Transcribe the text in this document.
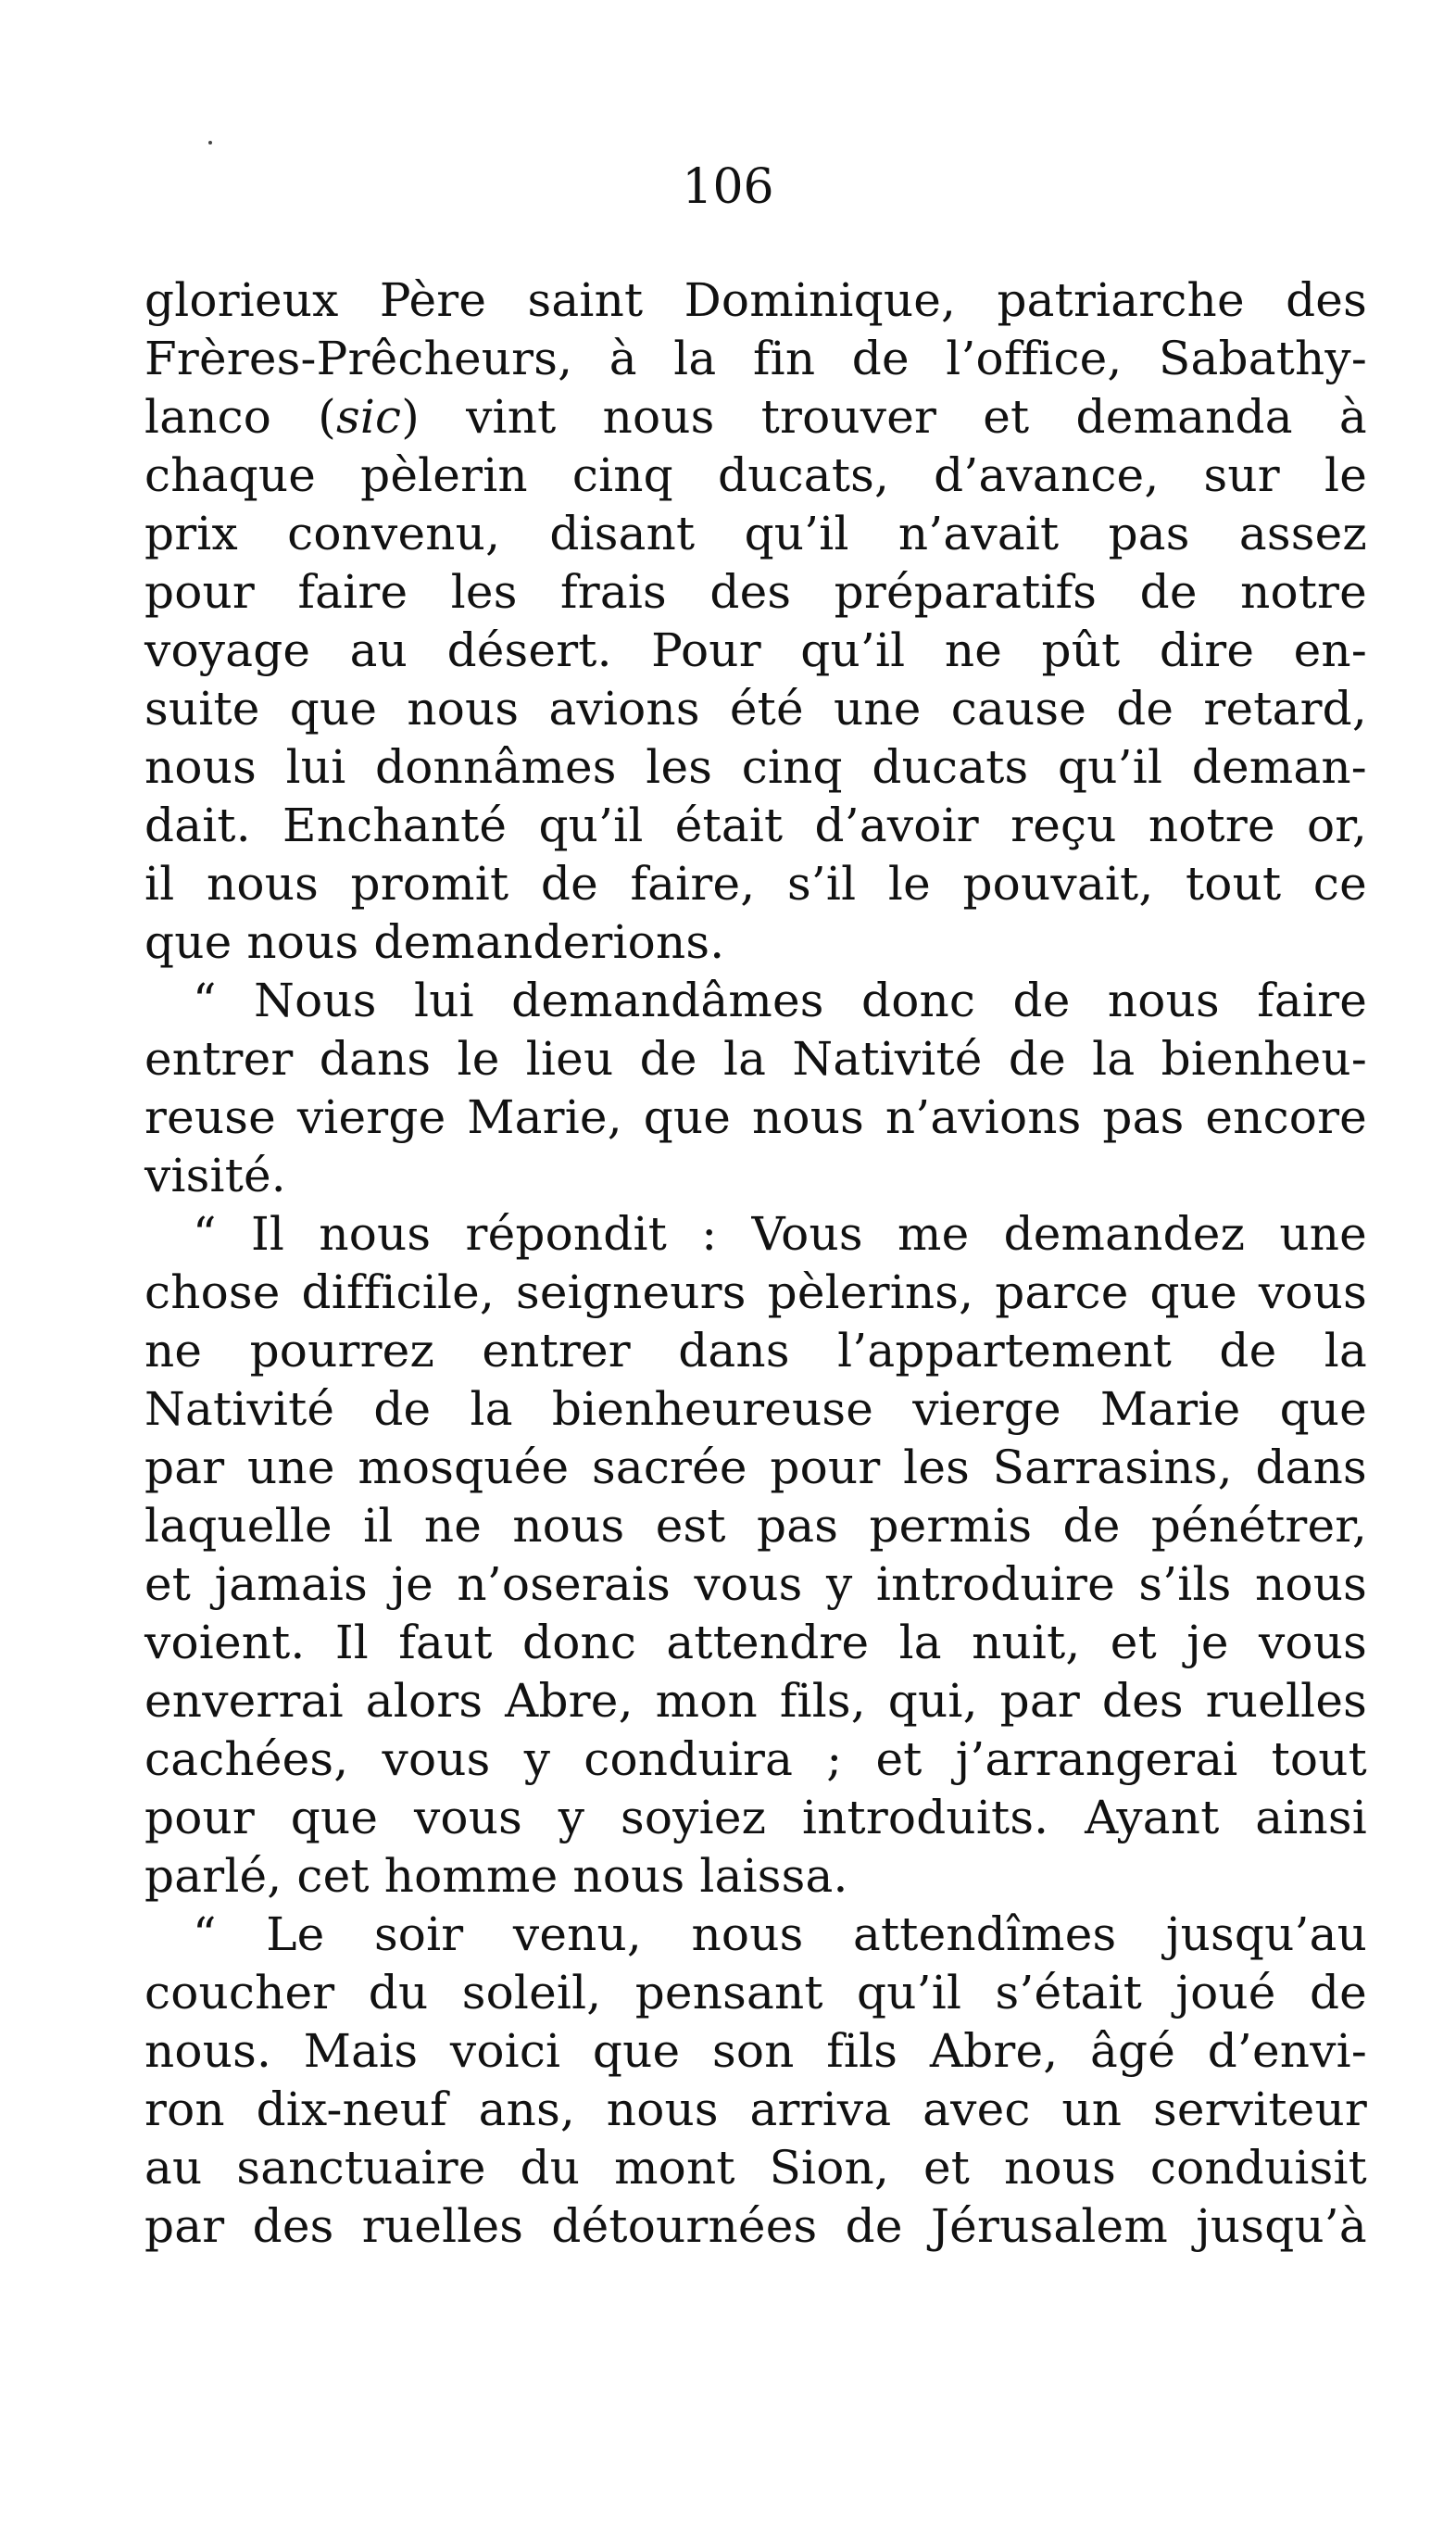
106
glorieux Père saint Dominique, patriarche des
Frères-Prêcheurs, à la fin de l’office, Sabathy-
lanco (sic) vint nous trouver et demanda à
chaque pèlerin cinq ducats, d’avance, sur le
prix convenu, disant qu’il n’avait pas assez
pour faire les frais des préparatifs de notre
voyage au désert. Pour qu’il ne pût dire en-
suite que nous avions été une cause de retard,
nous lui donnâmes les cinq ducats qu’il deman-
dait. Enchanté qu’il était d’avoir reçu notre or,
il nous promit de faire, s’il le pouvait, tout ce
que nous demanderions.
“ Nous lui demandâmes donc de nous faire
entrer dans le lieu de la Nativité de la bienheu-
reuse vierge Marie, que nous n’avions pas encore
visité.
“ Il nous répondit : Vous me demandez une
chose difficile, seigneurs pèlerins, parce que vous
ne pourrez entrer dans l’appartement de la
Nativité de la bienheureuse vierge Marie que
par une mosquée sacrée pour les Sarrasins, dans
laquelle il ne nous est pas permis de pénétrer,
et jamais je n’oserais vous y introduire s’ils nous
voient. Il faut donc attendre la nuit, et je vous
enverrai alors Abre, mon fils, qui, par des ruelles
cachées, vous y conduira ; et j’arrangerai tout
pour que vous y soyiez introduits. Ayant ainsi
parlé, cet homme nous laissa.
“ Le soir venu, nous attendîmes jusqu’au
coucher du soleil, pensant qu’il s’était joué de
nous. Mais voici que son fils Abre, âgé d’envi-
ron dix-neuf ans, nous arriva avec un serviteur
au sanctuaire du mont Sion, et nous conduisit
par des ruelles détournées de Jérusalem jusqu’à
